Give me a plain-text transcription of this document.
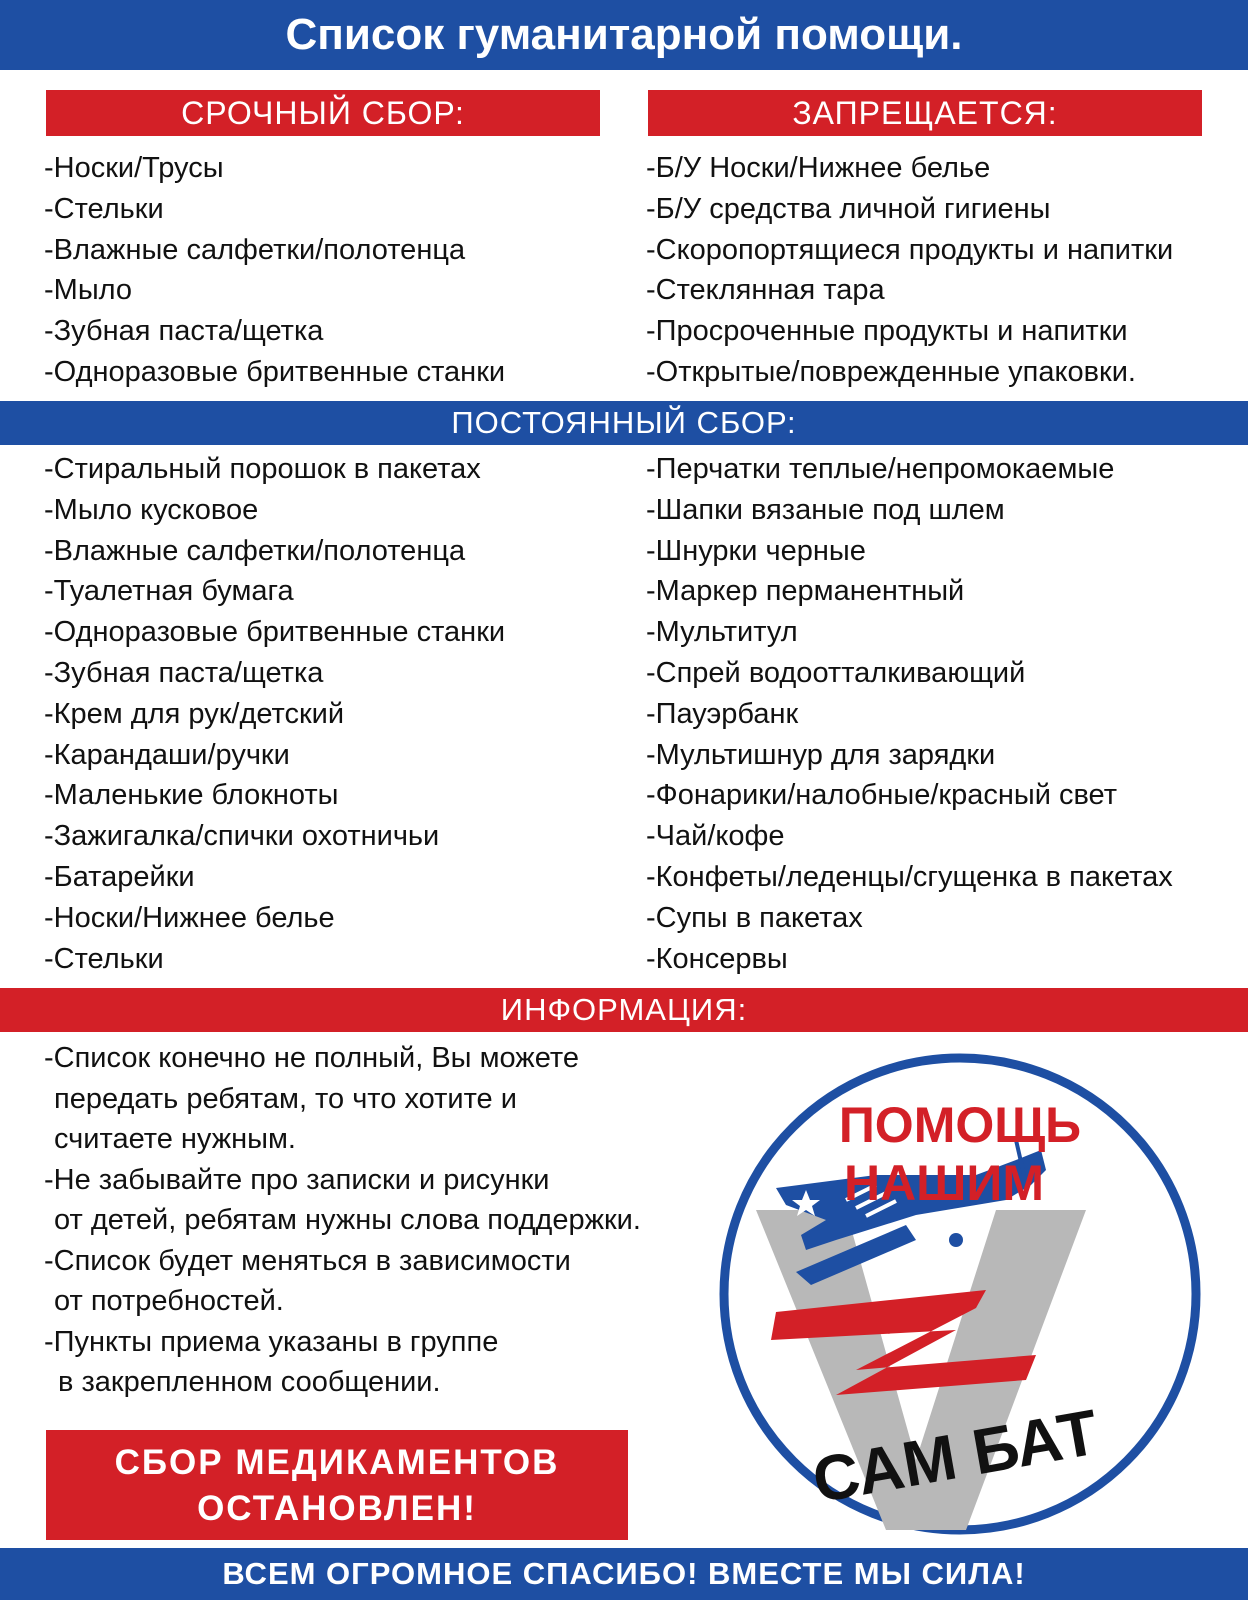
Список гуманитарной помощи.
СРОЧНЫЙ СБОР:	ЗАПРЕЩАЕТСЯ:
-Носки/Трусы
-Стельки
-Влажные салфетки/полотенца
-Мыло
-Зубная паста/щетка
-Одноразовые бритвенные станки
-Б/У Носки/Нижнее белье
-Б/У средства личной гигиены
-Скоропортящиеся продукты и напитки
-Стеклянная тара
-Просроченные продукты и напитки
-Открытые/поврежденные упаковки.
ПОСТОЯННЫЙ СБОР:
-Стиральный порошок в пакетах
-Мыло кусковое
-Влажные салфетки/полотенца
-Туалетная бумага
-Одноразовые бритвенные станки
-Зубная паста/щетка
-Крем для рук/детский
-Карандаши/ручки
-Маленькие блокноты
-Зажигалка/спички охотничьи
-Батарейки
-Носки/Нижнее белье
-Стельки
-Перчатки теплые/непромокаемые
-Шапки вязаные под шлем
-Шнурки черные
-Маркер перманентный
-Мультитул
-Спрей водоотталкивающий
-Пауэрбанк
-Мультишнур для зарядки
-Фонарики/налобные/красный свет
-Чай/кофе
-Конфеты/леденцы/сгущенка в пакетах
-Супы в пакетах
-Консервы
ИНФОРМАЦИЯ:
-Список конечно не полный, Вы можете
передать ребятам, то что хотите и
считаете нужным.
-Не забывайте про записки и рисунки
от детей, ребятам нужны слова поддержки.
-Список будет меняться в зависимости
от потребностей.
-Пункты приема указаны в группе
в закрепленном сообщении.
СБОР МЕДИКАМЕНТОВ
ОСТАНОВЛЕН!
ПОМОЩЬ
НАШИМ
САМ БАТ
ВСЕМ ОГРОМНОЕ СПАСИБО! ВМЕСТЕ МЫ СИЛА!
